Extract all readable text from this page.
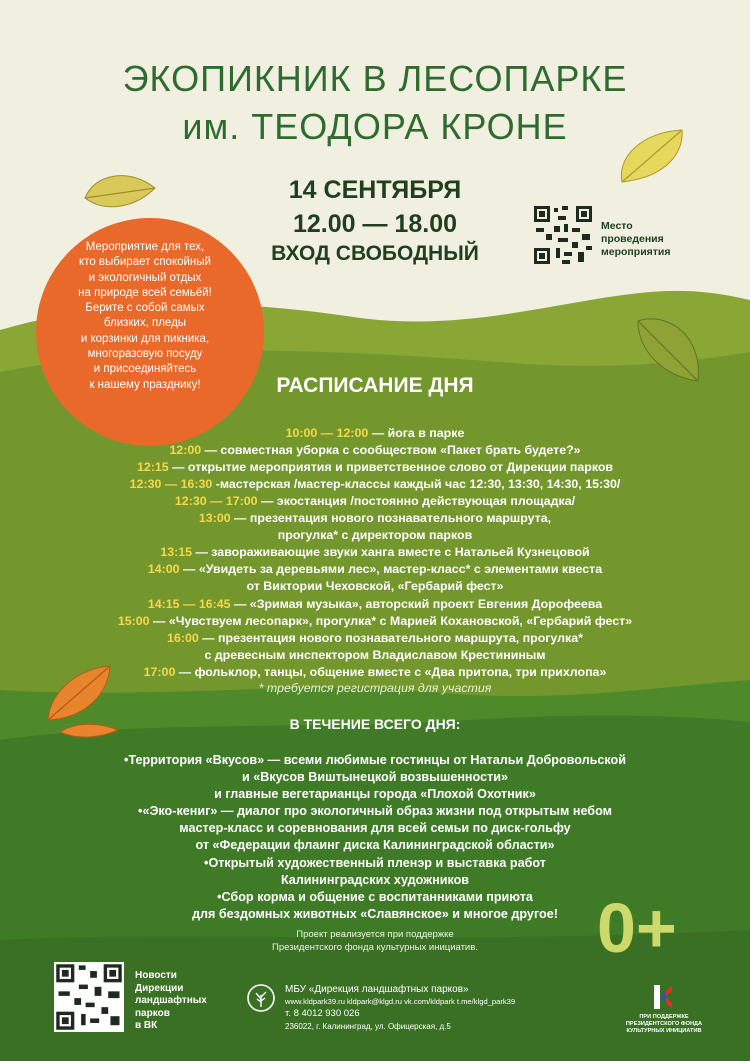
ЭКОПИКНИК В ЛЕСОПАРКЕ
им. ТЕОДОРА КРОНЕ
14 СЕНТЯБРЯ
12.00 — 18.00
ВХОД СВОБОДНЫЙ
Место
проведения
мероприятия
Мероприятие для тех,
кто выбирает спокойный
и экологичный отдых
на природе всей семьёй!
Берите с собой самых
близких, пледы
и корзинки для пикника,
многоразовую посуду
и присоединяйтесь
к нашему празднику!	РАСПИСАНИЕ ДНЯ
10:00 — 12:00 — йога в парке
12:00 — совместная уборка с сообществом «Пакет брать будете?»
12:15 — открытие мероприятия и приветственное слово от Дирекции парков
12:30 — 16:30 -мастерская /мастер-классы каждый час 12:30, 13:30, 14:30, 15:30/
12:30 — 17:00 — экостанция /постоянно действующая площадка/
13:00 — презентация нового познавательного маршрута,
прогулка* с директором парков
13:15 — завораживающие звуки ханга вместе с Натальей Кузнецовой
14:00 — «Увидеть за деревьями лес», мастер-класс* с элементами квеста
от Виктории Чеховской, «Гербарий фест»
14:15 — 16:45 — «Зримая музыка», авторский проект Евгения Дорофеева
15:00 — «Чувствуем лесопарк», прогулка* с Марией Кохановской, «Гербарий фест»
16:00 — презентация нового познавательного маршрута, прогулка*
с древесным инспектором Владиславом Крестининым
17:00 — фольклор, танцы, общение вместе с «Два притопа, три прихлопа»
* требуется регистрация для участия
В ТЕЧЕНИЕ ВСЕГО ДНЯ:
•Территория «Вкусов» — всеми любимые гостинцы от Натальи Добровольской
и «Вкусов Виштынецкой возвышенности»
и главные вегетарианцы города «Плохой Охотник»
•«Эко-кениг» — диалог про экологичный образ жизни под открытым небом
мастер-класс и соревнования для всей семьи по диск-гольфу
от «Федерации флаинг диска Калининградской области»
•Открытый художественный пленэр и выставка работ
Калининградских художников
•Сбор корма и общение с воспитанниками приюта
для бездомных животных «Славянское» и многое другое!
Проект реализуется при поддержке
Президентского фонда культурных инициатив.	0+
Новости
Дирекции
ландшафтных
парков
в ВК
МБУ «Дирекция ландшафтных парков»
www.kldpark39.ru kldpark@klgd.ru vk.com/kldpark t.me/klgd_park39
т. 8 4012 930 026
236022, г. Калининград, ул. Офицерская, д.5
ПРИ ПОДДЕРЖКЕ
ПРЕЗИДЕНТСКОГО ФОНДА
КУЛЬТУРНЫХ ИНИЦИАТИВ
